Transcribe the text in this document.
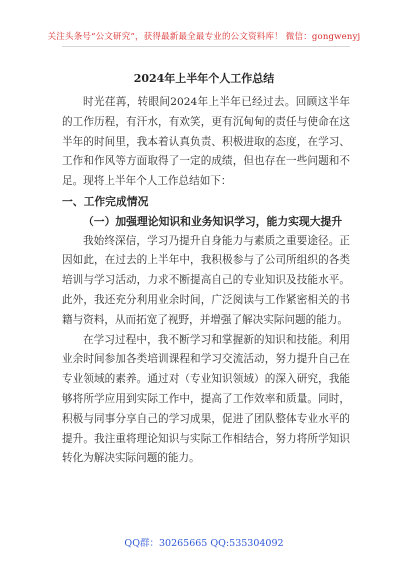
关注头条号“公文研究”，获得最新最全最专业的公文资料库！ 微信：gongwenyj
2024年上半年个人工作总结

时光荏苒，转眼间2024年上半年已经过去。回顾这半年的工作历程，有汗水，有欢笑，更有沉甸甸的责任与使命在这半年的时间里，我本着认真负责、积极进取的态度，在学习、工作和作风等方面取得了一定的成绩，但也存在一些问题和不足。现将上半年个人工作总结如下：

一、工作完成情况

（一）加强理论知识和业务知识学习，能力实现大提升

我始终深信，学习乃提升自身能力与素质之重要途径。正因如此，在过去的上半年中，我积极参与了公司所组织的各类培训与学习活动，力求不断提高自己的专业知识及技能水平。此外，我还充分利用业余时间，广泛阅读与工作紧密相关的书籍与资料，从而拓宽了视野，并增强了解决实际问题的能力。

在学习过程中，我不断学习和掌握新的知识和技能。利用业余时间参加各类培训课程和学习交流活动，努力提升自己在专业领域的素养。通过对（专业知识领域）的深入研究，我能够将所学应用到实际工作中，提高了工作效率和质量。同时，积极与同事分享自己的学习成果，促进了团队整体专业水平的提升。我注重将理论知识与实际工作相结合，努力将所学知识转化为解决实际问题的能力。

QQ群：30265665 QQ:535304092
